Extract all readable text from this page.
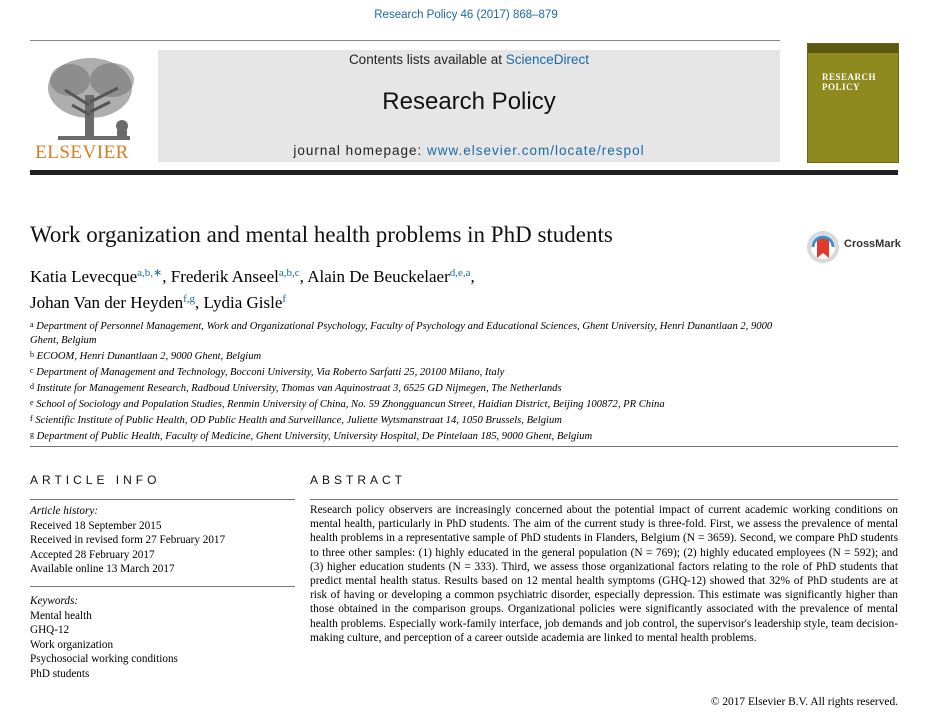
Research Policy 46 (2017) 868–879
ELSEVIER
Contents lists available at ScienceDirect
Research Policy
journal homepage: www.elsevier.com/locate/respol
RESEARCH POLICY
Work organization and mental health problems in PhD students	CrossMark
Katia Levecque$^{a,b,∗}$, Frederik Anseel$^{a,b,c}$, Alain De Beuckelaer$^{d,e,a}$,
Johan Van der Heyden$^{f,g}$, Lydia Gisle$^f$
$^a$ Department of Personnel Management, Work and Organizational Psychology, Faculty of Psychology and Educational Sciences, Ghent University, Henri Dunantlaan 2, 9000 Ghent, Belgium
$^b$ ECOOM, Henri Dunantlaan 2, 9000 Ghent, Belgium
$^c$ Department of Management and Technology, Bocconi University, Via Roberto Sarfatti 25, 20100 Milano, Italy
$^d$ Institute for Management Research, Radboud University, Thomas van Aquinostraat 3, 6525 GD Nijmegen, The Netherlands
$^e$ School of Sociology and Population Studies, Renmin University of China, No. 59 Zhongguancun Street, Haidian District, Beijing 100872, PR China
$^f$ Scientific Institute of Public Health, OD Public Health and Surveillance, Juliette Wytsmanstraat 14, 1050 Brussels, Belgium
$^g$ Department of Public Health, Faculty of Medicine, Ghent University, University Hospital, De Pintelaan 185, 9000 Ghent, Belgium
ARTICLE INFO	ABSTRACT
Article history:
Received 18 September 2015
Received in revised form 27 February 2017
Accepted 28 February 2017
Available online 13 March 2017
Keywords:
Mental health
GHQ-12
Work organization
Psychosocial working conditions
PhD students
Research policy observers are increasingly concerned about the potential impact of current academic working conditions on mental health, particularly in PhD students. The aim of the current study is three-fold. First, we assess the prevalence of mental health problems in a representative sample of PhD students in Flanders, Belgium (N = 3659). Second, we compare PhD students to three other samples: (1) highly educated in the general population (N = 769); (2) highly educated employees (N = 592); and (3) higher education students (N = 333). Third, we assess those organizational factors relating to the role of PhD students that predict mental health status. Results based on 12 mental health symptoms (GHQ-12) showed that 32% of PhD students are at risk of having or developing a common psychiatric disorder, especially depression. This estimate was significantly higher than those obtained in the comparison groups. Organizational policies were significantly associated with the prevalence of mental health problems. Especially work-family interface, job demands and job control, the supervisor's leadership style, team decision-making culture, and perception of a career outside academia are linked to mental health problems.
© 2017 Elsevier B.V. All rights reserved.
